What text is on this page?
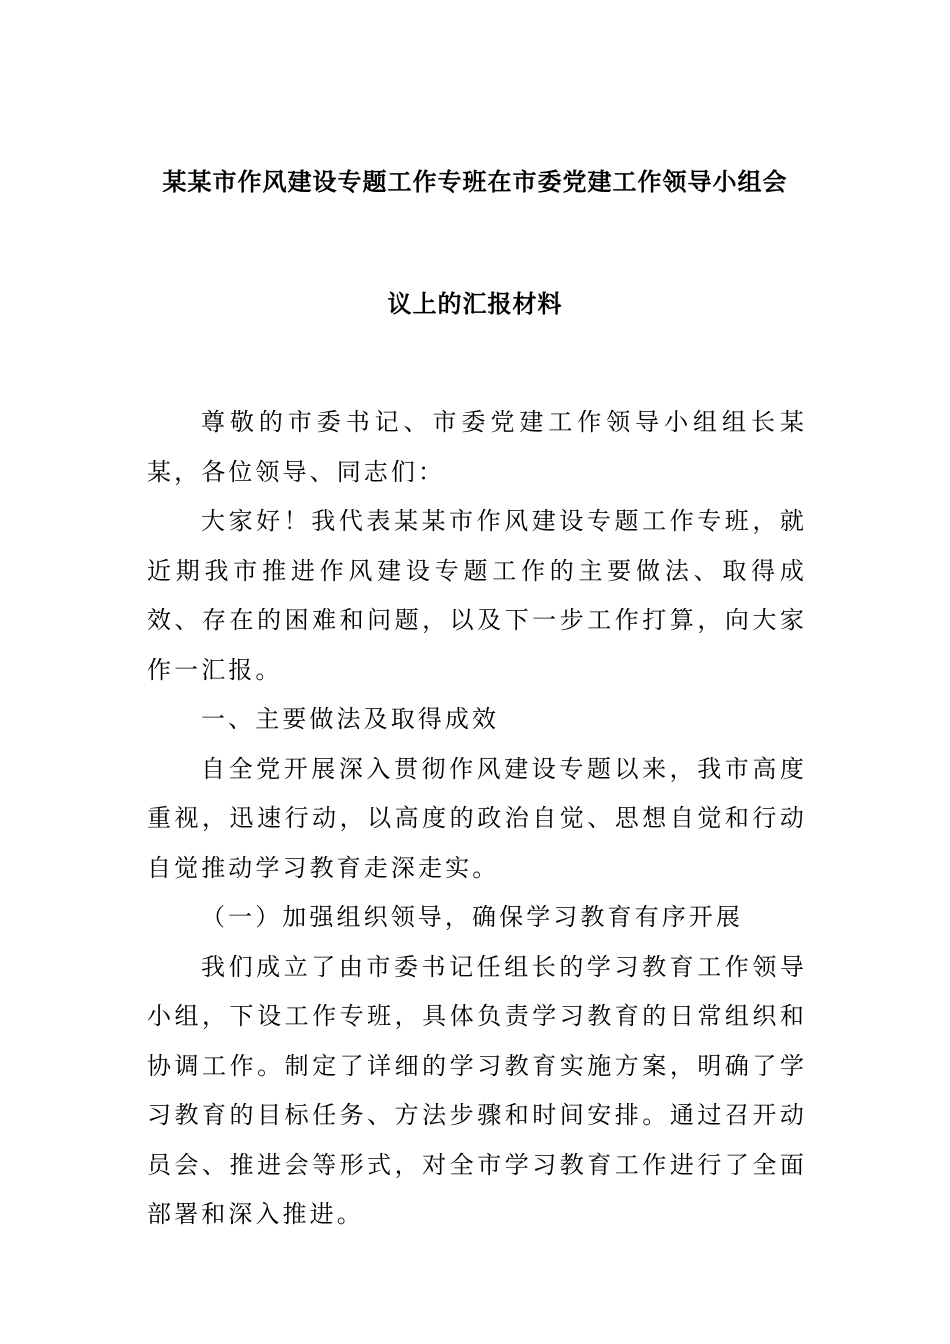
某某市作风建设专题工作专班在市委党建工作领导小组会
议上的汇报材料

尊敬的市委书记、市委党建工作领导小组组长某某，各位领导、同志们：

大家好！我代表某某市作风建设专题工作专班，就近期我市推进作风建设专题工作的主要做法、取得成效、存在的困难和问题，以及下一步工作打算，向大家作一汇报。

一、主要做法及取得成效

自全党开展深入贯彻作风建设专题以来，我市高度重视，迅速行动，以高度的政治自觉、思想自觉和行动自觉推动学习教育走深走实。

（一）加强组织领导，确保学习教育有序开展

我们成立了由市委书记任组长的学习教育工作领导小组，下设工作专班，具体负责学习教育的日常组织和协调工作。制定了详细的学习教育实施方案，明确了学习教育的目标任务、方法步骤和时间安排。通过召开动员会、推进会等形式，对全市学习教育工作进行了全面部署和深入推进。
